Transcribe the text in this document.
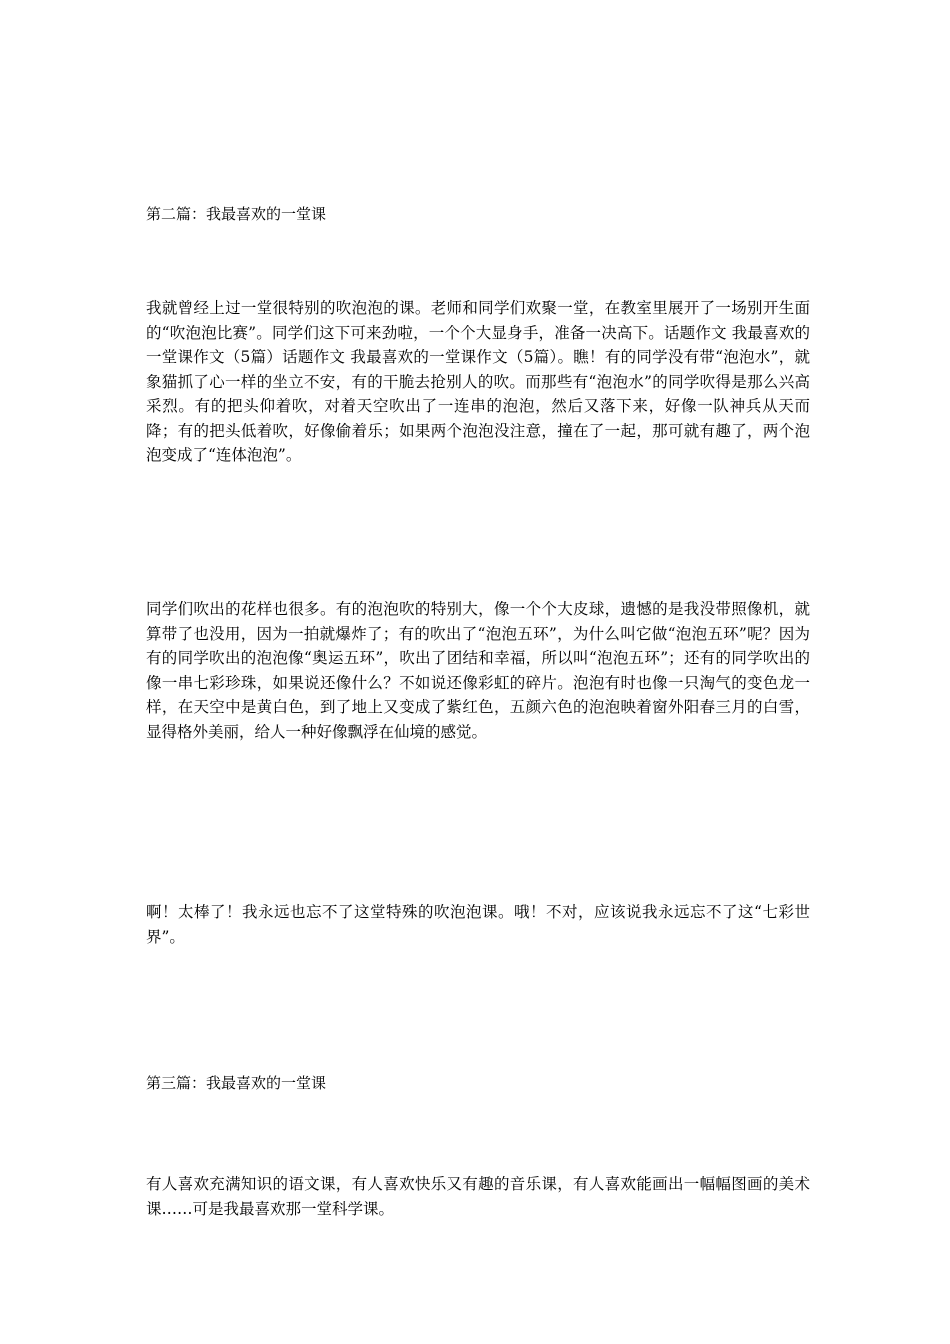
第二篇：我最喜欢的一堂课
我就曾经上过一堂很特别的吹泡泡的课。老师和同学们欢聚一堂，在教室里展开了一场别开生面的“吹泡泡比赛”。同学们这下可来劲啦，一个个大显身手，准备一决高下。话题作文 我最喜欢的一堂课作文（5篇）话题作文 我最喜欢的一堂课作文（5篇）。瞧！有的同学没有带“泡泡水”，就象猫抓了心一样的坐立不安，有的干脆去抢别人的吹。而那些有“泡泡水”的同学吹得是那么兴高采烈。有的把头仰着吹，对着天空吹出了一连串的泡泡，然后又落下来，好像一队神兵从天而降；有的把头低着吹，好像偷着乐；如果两个泡泡没注意，撞在了一起，那可就有趣了，两个泡泡变成了“连体泡泡”。
同学们吹出的花样也很多。有的泡泡吹的特别大，像一个个大皮球，遗憾的是我没带照像机，就算带了也没用，因为一拍就爆炸了；有的吹出了“泡泡五环”，为什么叫它做“泡泡五环”呢？因为有的同学吹出的泡泡像“奥运五环”，吹出了团结和幸福，所以叫“泡泡五环”；还有的同学吹出的像一串七彩珍珠，如果说还像什么？不如说还像彩虹的碎片。泡泡有时也像一只淘气的变色龙一样，在天空中是黄白色，到了地上又变成了紫红色，五颜六色的泡泡映着窗外阳春三月的白雪，显得格外美丽，给人一种好像飘浮在仙境的感觉。
啊！太棒了！我永远也忘不了这堂特殊的吹泡泡课。哦！不对，应该说我永远忘不了这“七彩世界”。
第三篇：我最喜欢的一堂课
有人喜欢充满知识的语文课，有人喜欢快乐又有趣的音乐课，有人喜欢能画出一幅幅图画的美术课……可是我最喜欢那一堂科学课。
